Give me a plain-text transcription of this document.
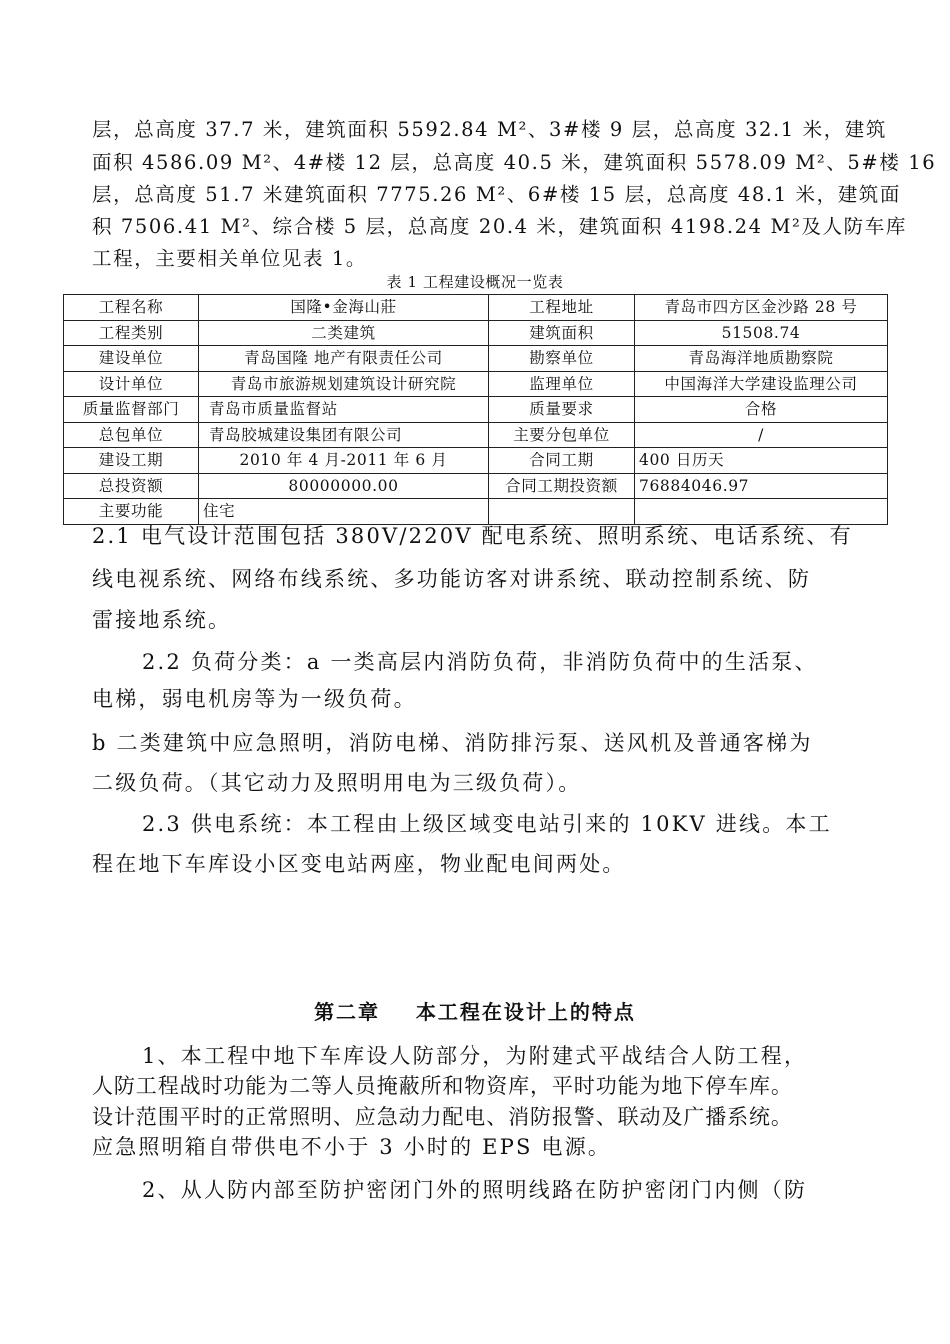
层，总高度 37.7 米，建筑面积 5592.84 M²、3#楼 9 层，总高度 32.1 米，建筑
面积 4586.09 M²、4#楼 12 层，总高度 40.5 米，建筑面积 5578.09 M²、5#楼 16
层，总高度 51.7 米建筑面积 7775.26 M²、6#楼 15 层，总高度 48.1 米，建筑面
积 7506.41 M²、综合楼 5 层，总高度 20.4 米，建筑面积 4198.24 M²及人防车库
工程，主要相关单位见表 1。
表 1 工程建设概况一览表
工程名称	国隆•金海山莊	工程地址	青岛市四方区金沙路 28 号
工程类别	二类建筑	建筑面积	51508.74
建设单位	青岛国隆 地产有限责任公司	勘察单位	青岛海洋地质勘察院
设计单位	青岛市旅游规划建筑设计研究院	监理单位	中国海洋大学建设监理公司
质量监督部门	青岛市质量监督站	质量要求	合格
总包单位	青岛胶城建设集团有限公司	主要分包单位	/
建设工期	2010 年 4 月-2011 年 6 月	合同工期	400 日历天
总投资额	80000000.00	合同工期投资额	76884046.97
主要功能	住宅		
2.1 电气设计范围包括 380V/220V 配电系统、照明系统、电话系统、有
线电视系统、网络布线系统、多功能访客对讲系统、联动控制系统、防
雷接地系统。
2.2 负荷分类：a 一类高层内消防负荷，非消防负荷中的生活泵、
电梯，弱电机房等为一级负荷。
b 二类建筑中应急照明，消防电梯、消防排污泵、送风机及普通客梯为
二级负荷。（其它动力及照明用电为三级负荷）。
2.3 供电系统：本工程由上级区域变电站引来的 10KV 进线。本工
程在地下车库设小区变电站两座，物业配电间两处。
第二章    本工程在设计上的特点
1、本工程中地下车库设人防部分，为附建式平战结合人防工程，
人防工程战时功能为二等人员掩蔽所和物资库，平时功能为地下停车库。
设计范围平时的正常照明、应急动力配电、消防报警、联动及广播系统。
应急照明箱自带供电不小于 3 小时的 EPS 电源。
2、从人防内部至防护密闭门外的照明线路在防护密闭门内侧（防
